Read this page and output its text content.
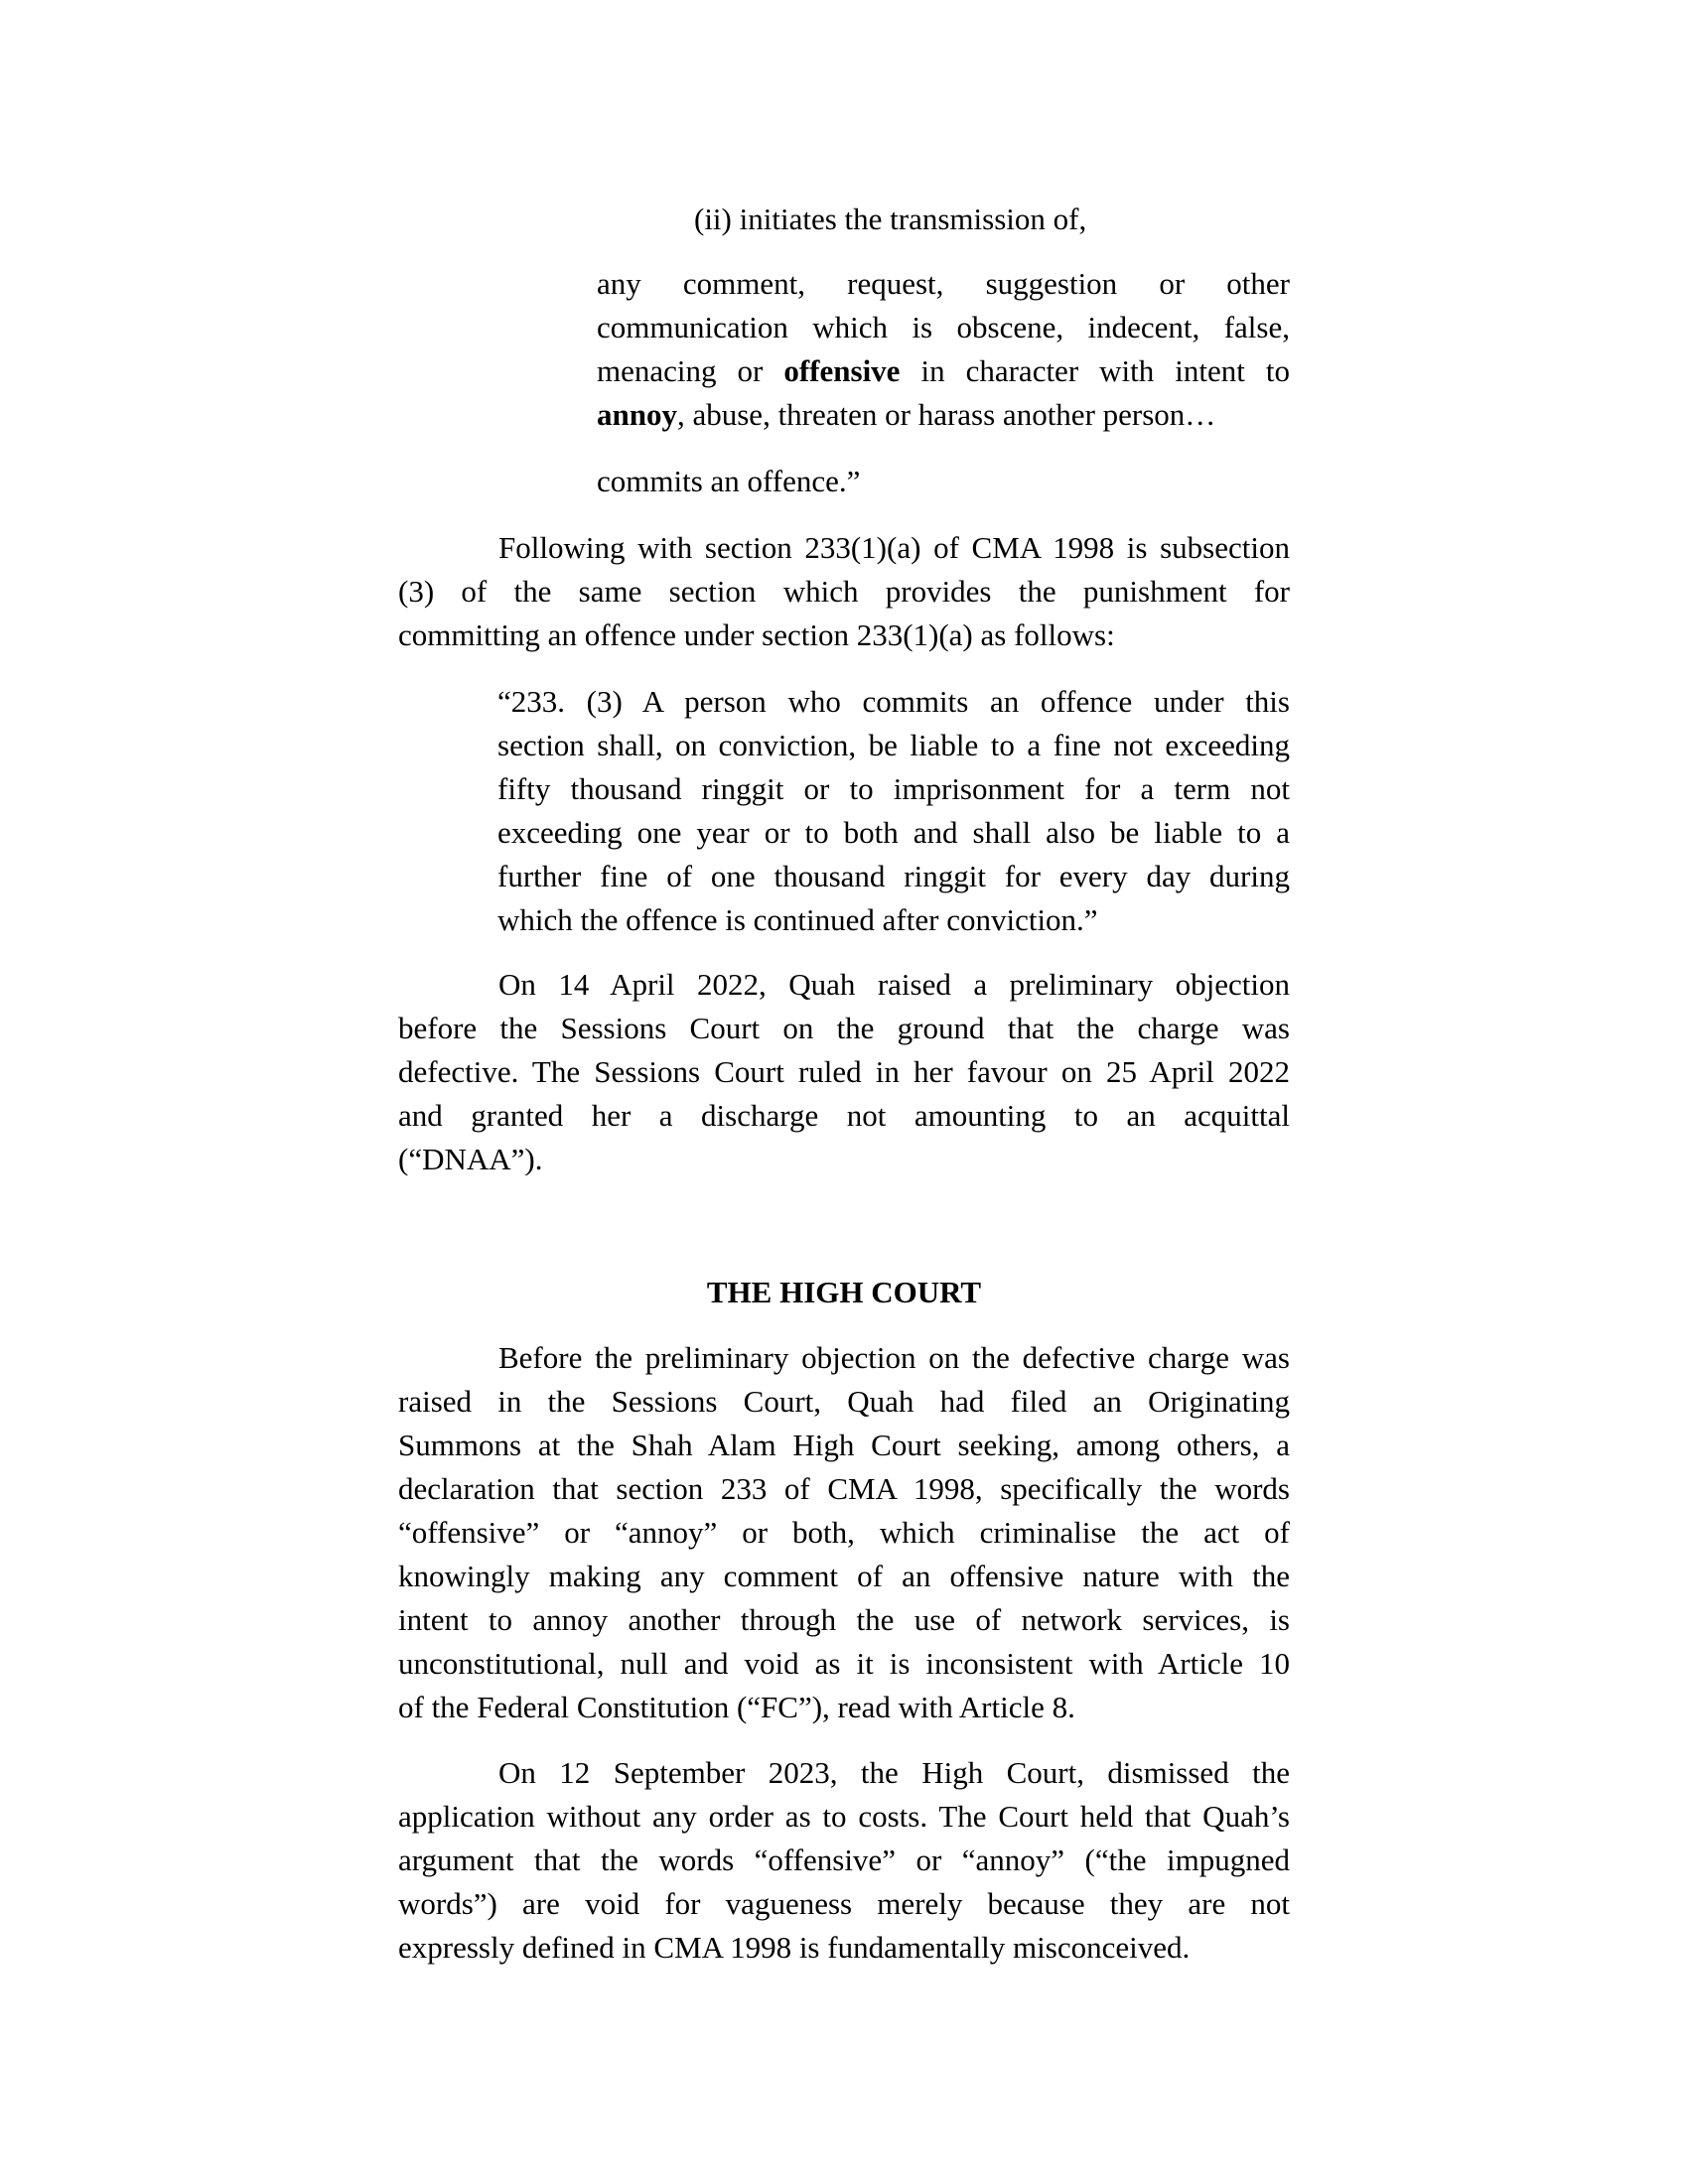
(ii) initiates the transmission of,
any comment, request, suggestion or other
communication which is obscene, indecent, false,
menacing or offensive in character with intent to
annoy, abuse, threaten or harass another person…
commits an offence.”
Following with section 233(1)(a) of CMA 1998 is subsection
(3) of the same section which provides the punishment for
committing an offence under section 233(1)(a) as follows:
“233. (3) A person who commits an offence under this
section shall, on conviction, be liable to a fine not exceeding
fifty thousand ringgit or to imprisonment for a term not
exceeding one year or to both and shall also be liable to a
further fine of one thousand ringgit for every day during
which the offence is continued after conviction.”
On 14 April 2022, Quah raised a preliminary objection
before the Sessions Court on the ground that the charge was
defective. The Sessions Court ruled in her favour on 25 April 2022
and granted her a discharge not amounting to an acquittal
(“DNAA”).
THE HIGH COURT
Before the preliminary objection on the defective charge was
raised in the Sessions Court, Quah had filed an Originating
Summons at the Shah Alam High Court seeking, among others, a
declaration that section 233 of CMA 1998, specifically the words
“offensive” or “annoy” or both, which criminalise the act of
knowingly making any comment of an offensive nature with the
intent to annoy another through the use of network services, is
unconstitutional, null and void as it is inconsistent with Article 10
of the Federal Constitution (“FC”), read with Article 8.
On 12 September 2023, the High Court, dismissed the
application without any order as to costs. The Court held that Quah’s
argument that the words “offensive” or “annoy” (“the impugned
words”) are void for vagueness merely because they are not
expressly defined in CMA 1998 is fundamentally misconceived.
